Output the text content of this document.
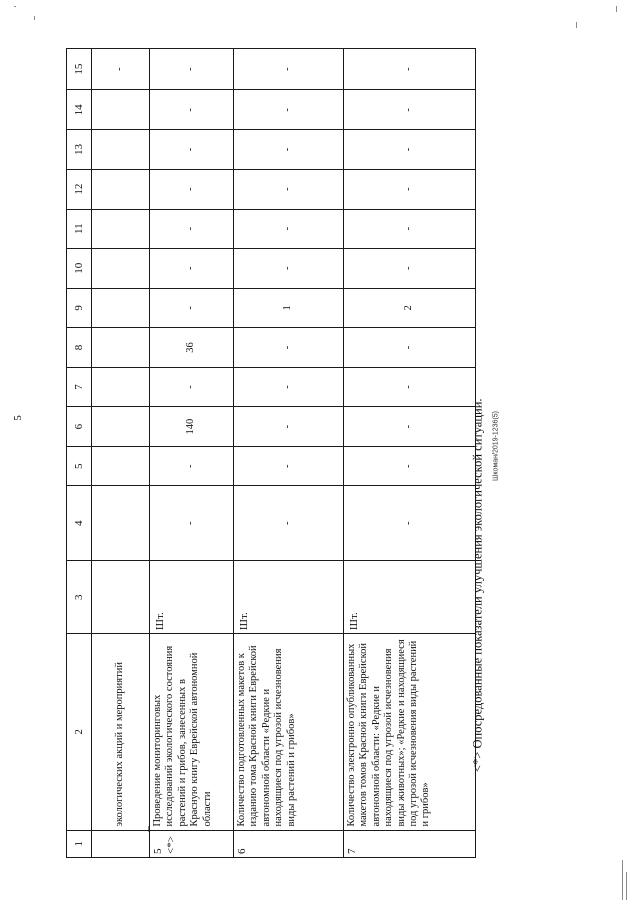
5	Шкоман/2019-1236(5)
1	2	3	4	5	6	7	8	9	10	11	12	13	14	15
	экологических акций и мероприятий													-
5 <*>	Проведение мониторинговых исследований экологического состояния растений и грибов, занесенных в Красную книгу Еврейской автономной области	Шт.	-	-	140	-	36	-	-	-	-	-	-	-
6	Количество подготовленных макетов к изданию тома Красной книги Еврейской автономной области «Редкие и находящиеся под угрозой исчезновения виды растений и грибов»	Шт.	-	-	-	-	-	1	-	-	-	-	-	-
7	Количество электронно опубликованных макетов томов Красной книги Еврейской автономной области: «Редкие и находящиеся под угрозой исчезновения виды животных»; «Редкие и находящиеся под угрозой исчезновения виды растений и грибов»	Шт.	-	-	-	-	-	2	-	-	-	-	-	-
<*> Опосредованные показатели улучшения экологической ситуации.
